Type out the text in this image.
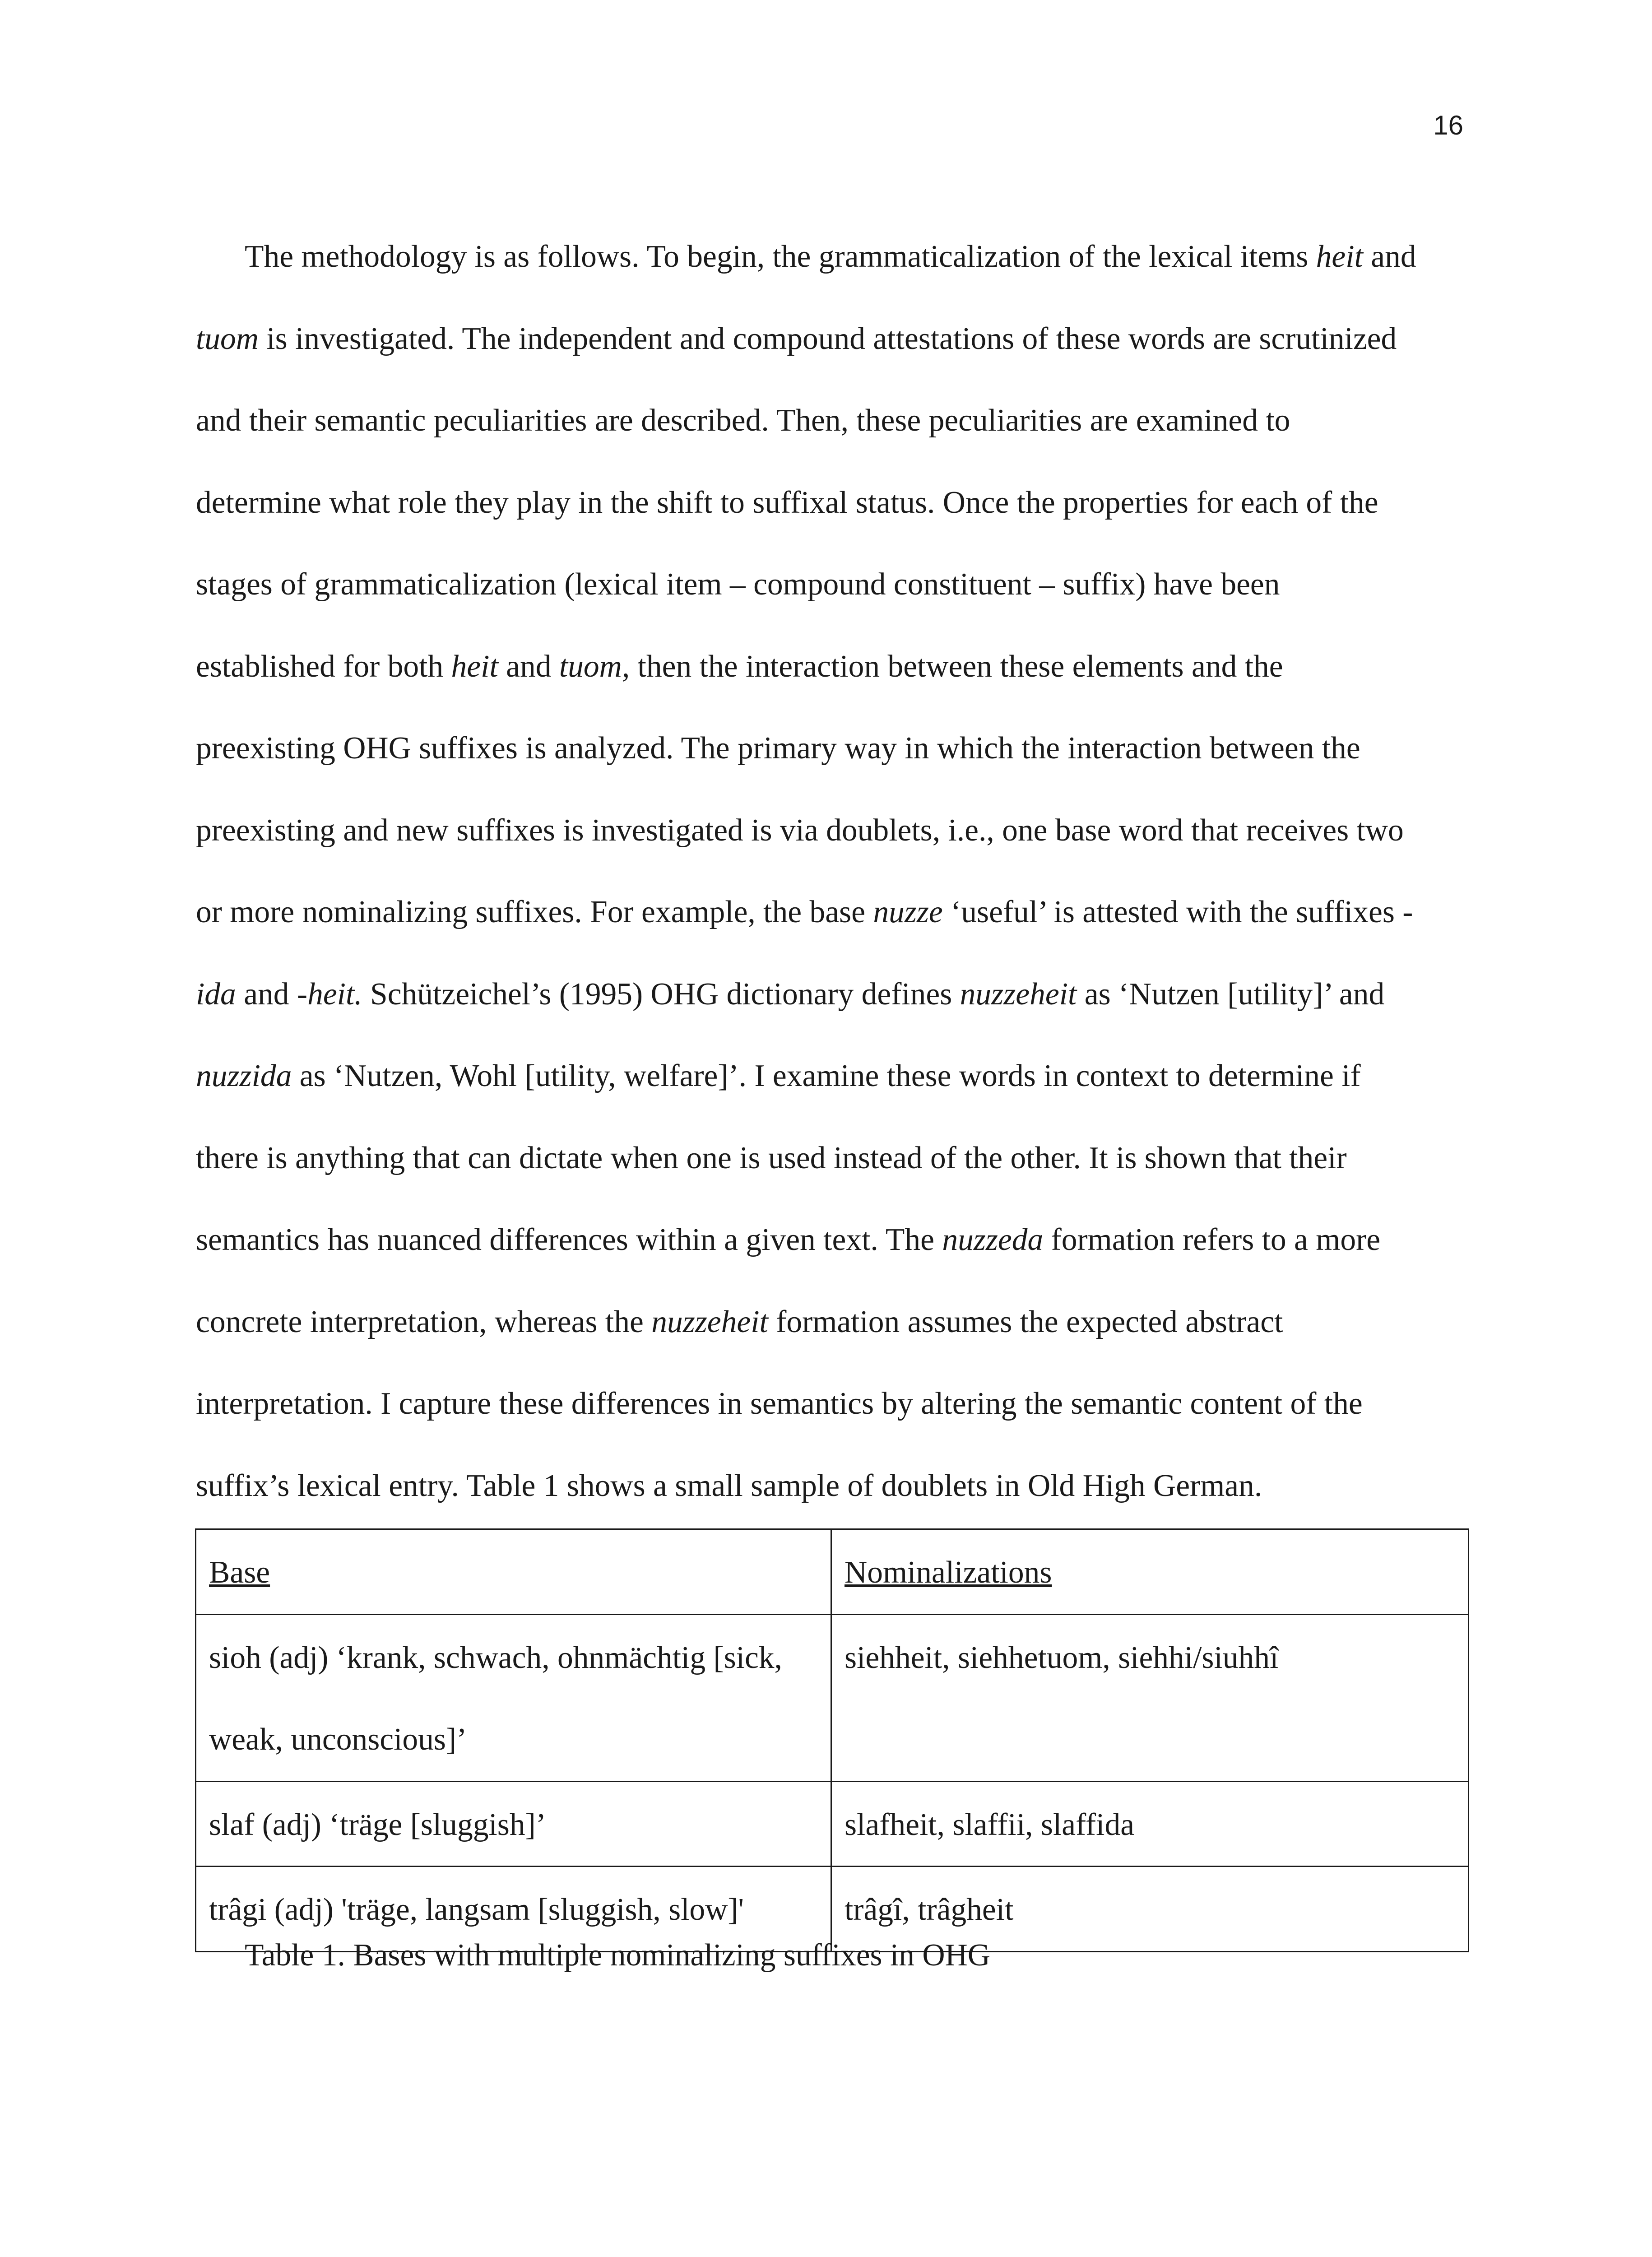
16
The methodology is as follows. To begin, the grammaticalization of the lexical items heit and
tuom is investigated. The independent and compound attestations of these words are scrutinized
and their semantic peculiarities are described. Then, these peculiarities are examined to
determine what role they play in the shift to suffixal status. Once the properties for each of the
stages of grammaticalization (lexical item – compound constituent – suffix) have been
established for both heit and tuom, then the interaction between these elements and the
preexisting OHG suffixes is analyzed. The primary way in which the interaction between the
preexisting and new suffixes is investigated is via doublets, i.e., one base word that receives two
or more nominalizing suffixes. For example, the base nuzze ‘useful’ is attested with the suffixes -
ida and -heit. Schützeichel’s (1995) OHG dictionary defines nuzzeheit as ‘Nutzen [utility]’ and
nuzzida as ‘Nutzen, Wohl [utility, welfare]’. I examine these words in context to determine if
there is anything that can dictate when one is used instead of the other. It is shown that their
semantics has nuanced differences within a given text. The nuzzeda formation refers to a more
concrete interpretation, whereas the nuzzeheit formation assumes the expected abstract
interpretation. I capture these differences in semantics by altering the semantic content of the
suffix’s lexical entry. Table 1 shows a small sample of doublets in Old High German.
Base	Nominalizations

sioh (adj) ‘krank, schwach, ohnmächtig [sick,
weak, unconscious]’	siehheit, siehhetuom, siehhi/siuhhî

slaf (adj) ‘träge [sluggish]’	slafheit, slaffii, slaffida

trâgi (adj) 'träge, langsam [sluggish, slow]'	trâgî, trâgheit
Table 1. Bases with multiple nominalizing suffixes in OHG
